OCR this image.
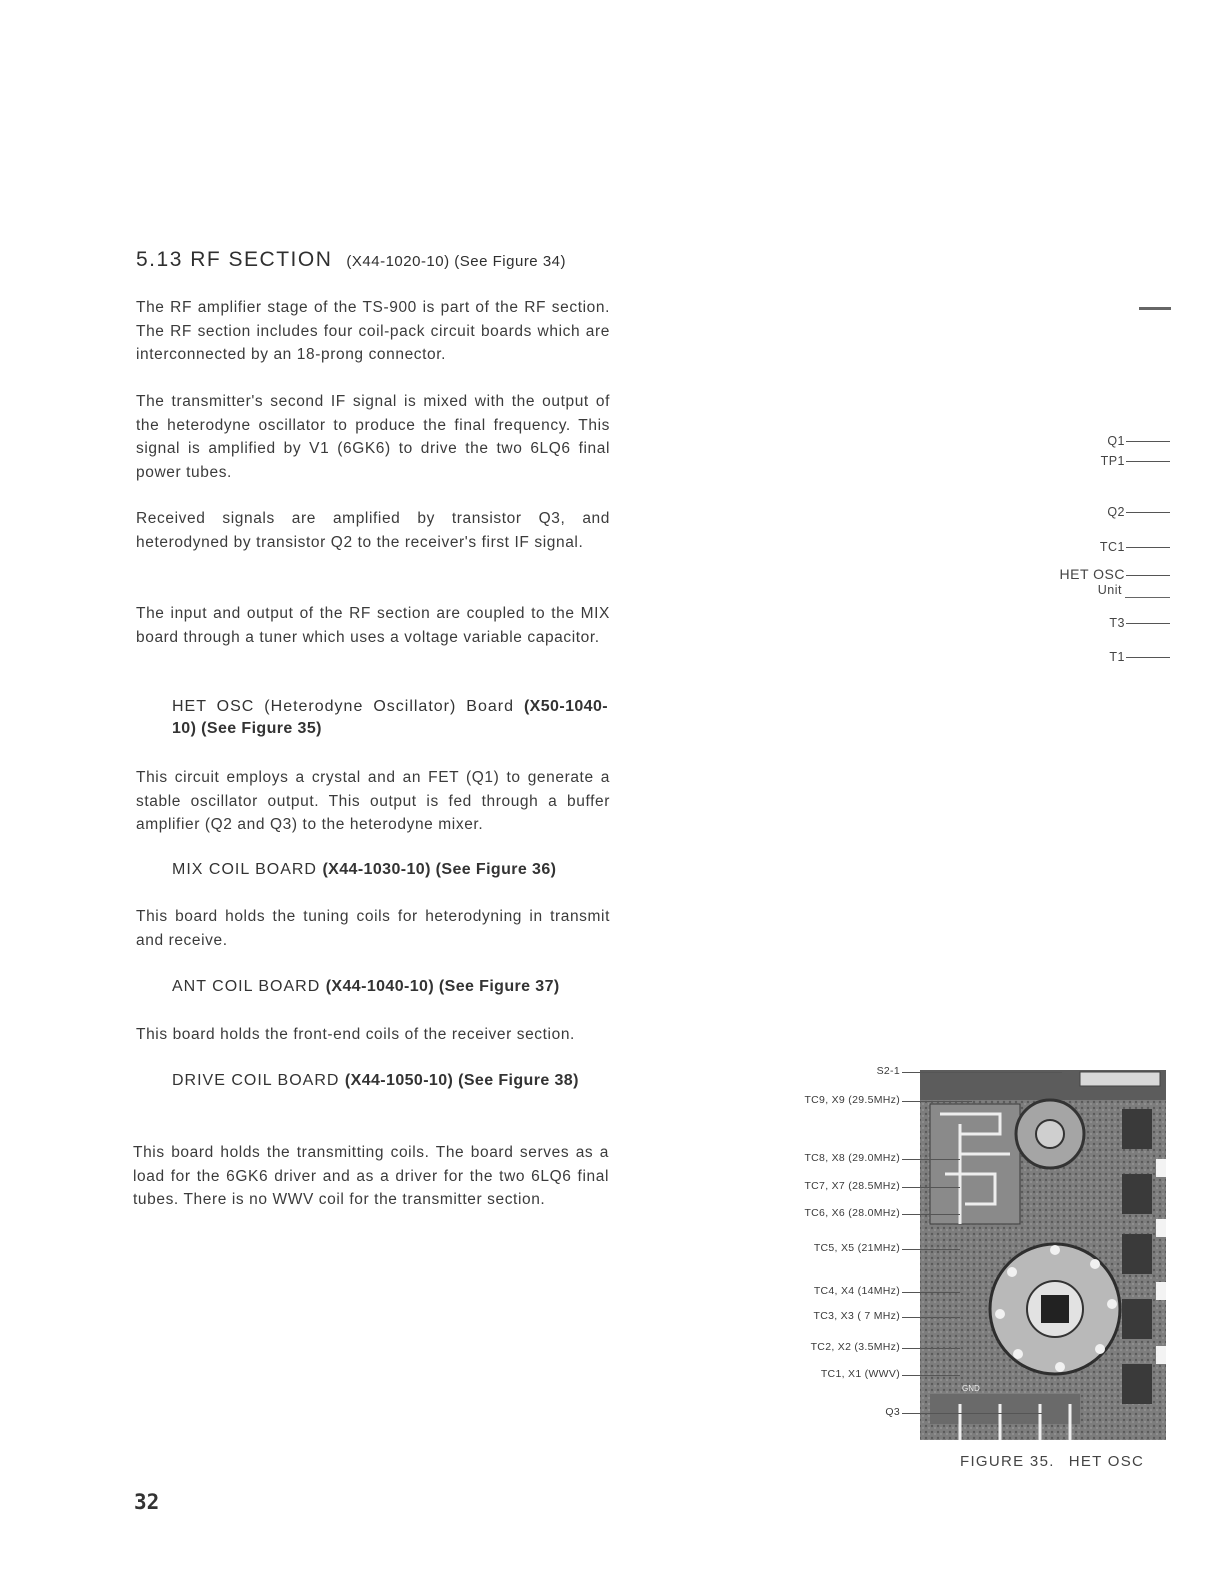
5.13 RF SECTION (X44-1020-10) (See Figure 34)

The RF amplifier stage of the TS-900 is part of the RF section. The RF section includes four coil-pack circuit boards which are interconnected by an 18-prong connector.

The transmitter's second IF signal is mixed with the output of the heterodyne oscillator to produce the final frequency. This signal is amplified by V1 (6GK6) to drive the two 6LQ6 final power tubes.

Received signals are amplified by transistor Q3, and heterodyned by transistor Q2 to the receiver's first IF signal.

The input and output of the RF section are coupled to the MIX board through a tuner which uses a voltage variable capacitor.

HET OSC (Heterodyne Oscillator) Board (X50-1040-10) (See Figure 35)

This circuit employs a crystal and an FET (Q1) to generate a stable oscillator output. This output is fed through a buffer amplifier (Q2 and Q3) to the heterodyne mixer.

MIX COIL BOARD (X44-1030-10) (See Figure 36)

This board holds the tuning coils for heterodyning in transmit and receive.

ANT COIL BOARD (X44-1040-10) (See Figure 37)

This board holds the front-end coils of the receiver section.

DRIVE COIL BOARD (X44-1050-10) (See Figure 38)

This board holds the transmitting coils. The board serves as a load for the 6GK6 driver and as a driver for the two 6LQ6 final tubes. There is no WWV coil for the transmitter section.

32
Q1
TP1
Q2
TC1
HET OSC
Unit
T3
T1
GND
S2-1
TC9, X9 (29.5MHz)
TC8, X8 (29.0MHz)
TC7, X7 (28.5MHz)
TC6, X6 (28.0MHz)
TC5, X5 (21MHz)
TC4, X4 (14MHz)
TC3, X3 ( 7 MHz)
TC2, X2 (3.5MHz)
TC1, X1 (WWV)
Q3
FIGURE 35. HET OSC
